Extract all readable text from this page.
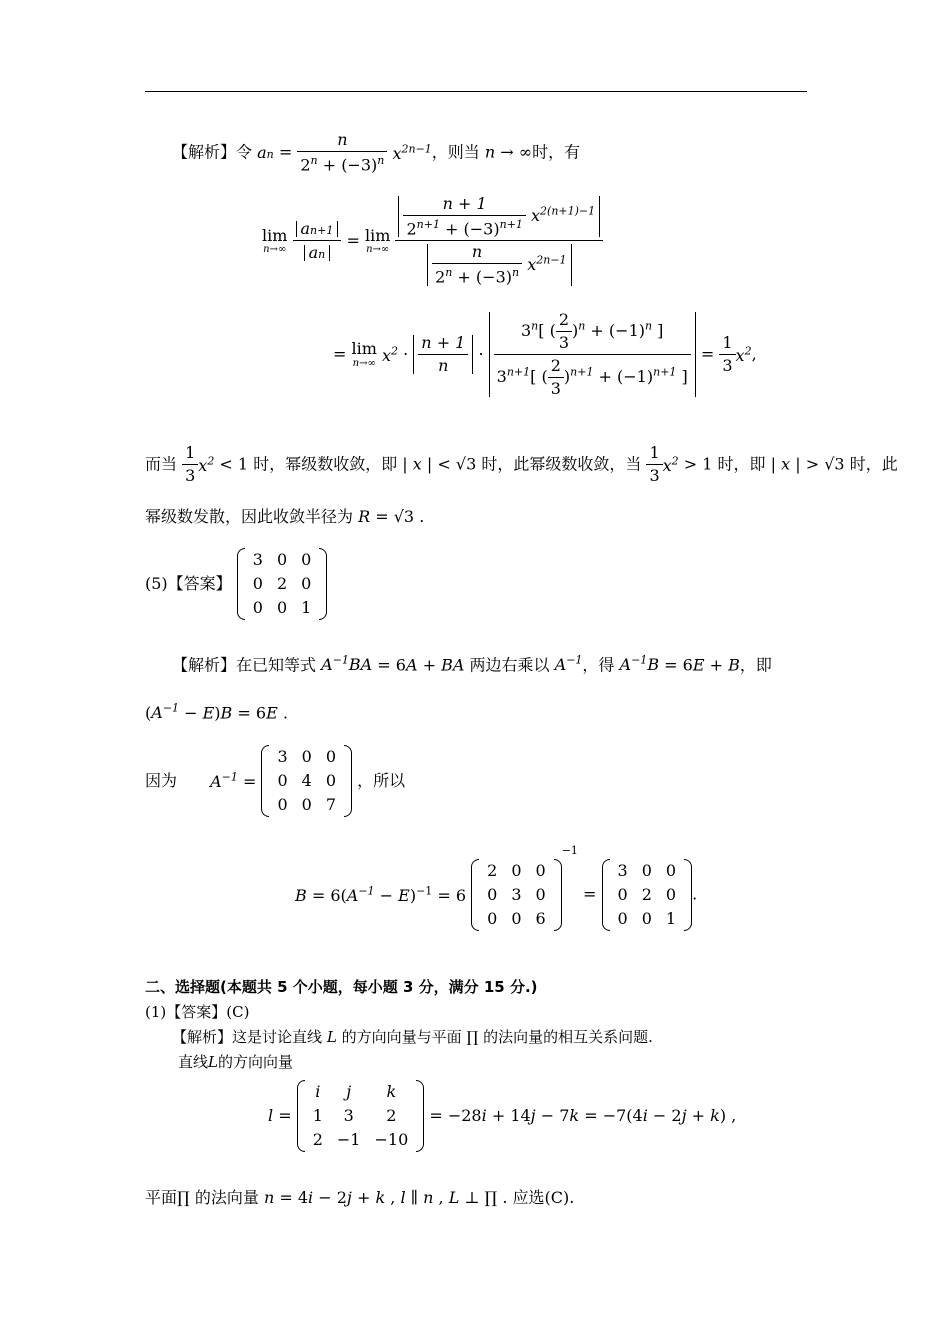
【解析】令 an = $\frac{n}{2^n + (-3)^n} x^{2n-1}$，则当 n → ∞时，有
lim
n→∞
$\frac{an+1}{an} = \lim$
n→∞
$\frac{\frac{n + 1}{2^{n+1} + (-3)^{n+1}} x^{2(n+1)-1}}{\frac{n}{2^n + (-3)^n} x^{2n-1}}$
= lim
n→∞ $x^2 \cdot \frac{n + 1}{n} \cdot \frac{3^n[ ( \frac{2}{3} )^n + (-1)^n ]}{3^{n+1}[ ( \frac{2}{3} )^{n+1} + (-1)^{n+1} ]} = \frac{1}{3} x^2$,
而当 $\frac{1}{3} x^2 < 1$ 时，幂级数收敛，即 | x | < √3 时，此幂级数收敛，当 $\frac{1}{3} x^2 > 1$ 时，即 | x | > √3 时，此
幂级数发散，因此收敛半径为 R = √3 .
(5)【答案】
3	0	0
0	2	0
0	0	1
【解析】在已知等式 $A^{-1}BA = 6A$ + BA 两边右乘以 $A^{-1}$，得 $A^{-1}B = 6E + B$，即
$(A^{-1} - E)B = 6E$ .
因为 $A^{-1}$ =
3	0	0
0	4	0
0	0	7
，所以
$B = 6(A^{-1} - E)^{-1} = 6$
2	0	0
0	3	0
0	0	6
$^{-1}$ =
3	0	0
0	2	0
0	0	1
.
二、选择题(本题共 5 个小题，每小题 3 分，满分 15 分.)
(1)【答案】(C)
【解析】这是讨论直线 L 的方向向量与平面 ∏ 的法向量的相互关系问题.
直线L的方向向量
l =
i	j	k
1	3	2
2	−1	−10
= −28i + 14j − 7k = −7(4i − 2j + k) ,
平面∏ 的法向量 n = 4i − 2j + k , l ∥ n , L ⊥ ∏ . 应选(C).
